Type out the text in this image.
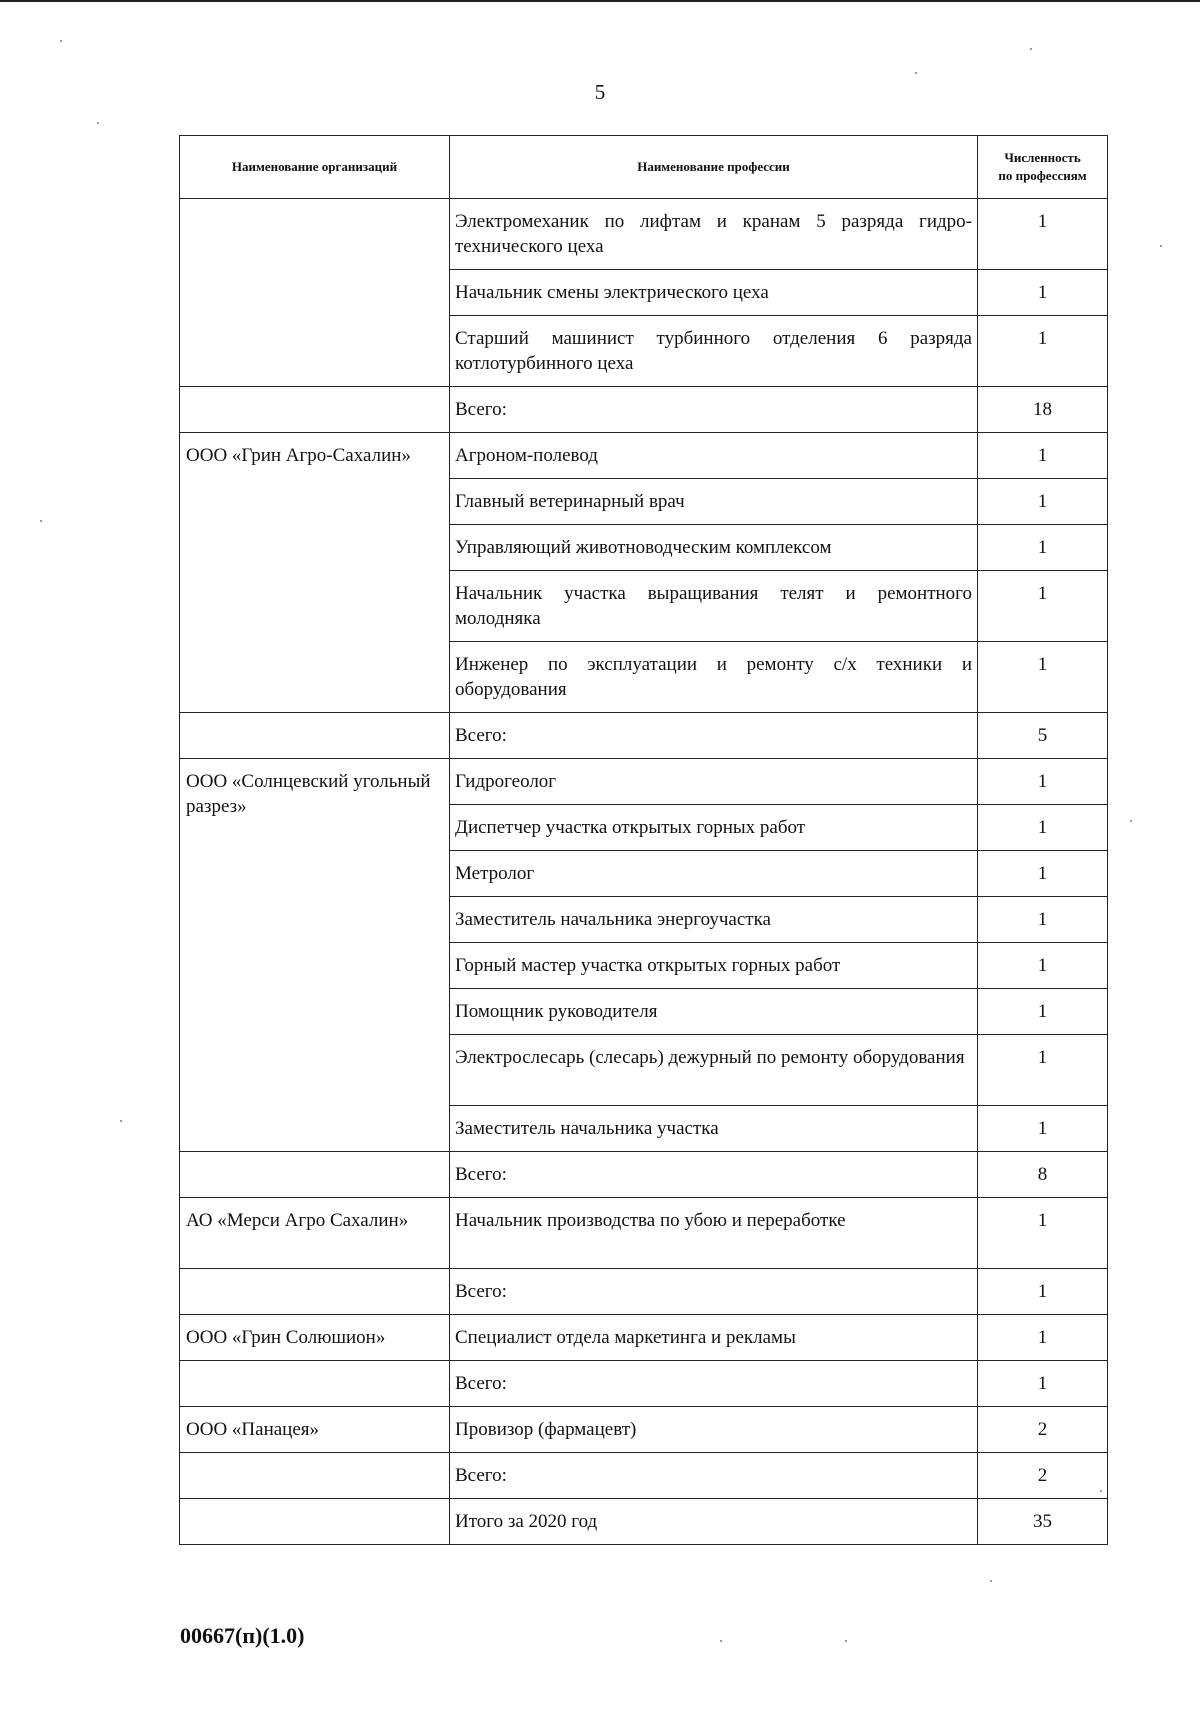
5
Наименование организаций	Наименование профессии	Численность
по профессиям
	Электромеханик по лифтам и кранам 5 разряда гидротехнического цеха	1
	Начальник смены электрического цеха	1
	Старший машинист турбинного отделения 6 разряда котлотурбинного цеха	1
	Всего:	18
ООО «Грин Агро-Сахалин»	Агроном-полевод	1
	Главный ветеринарный врач	1
	Управляющий животноводческим комплексом	1
	Начальник участка выращивания телят и ремонтного молодняка	1
	Инженер по эксплуатации и ремонту с/х техники и оборудования	1
	Всего:	5
ООО «Солнцевский угольный разрез»	Гидрогеолог	1
	Диспетчер участка открытых горных работ	1
	Метролог	1
	Заместитель начальника энергоучастка	1
	Горный мастер участка открытых горных работ	1
	Помощник руководителя	1
	Электрослесарь (слесарь) дежурный по ремонту оборудования	1
	Заместитель начальника участка	1
	Всего:	8
АО «Мерси Агро Сахалин»	Начальник производства по убою и переработке	1
	Всего:	1
ООО «Грин Солюшион»	Специалист отдела маркетинга и рекламы	1
	Всего:	1
ООО «Панацея»	Провизор (фармацевт)	2
	Всего:	2
	Итого за 2020 год	35
00667(п)(1.0)
